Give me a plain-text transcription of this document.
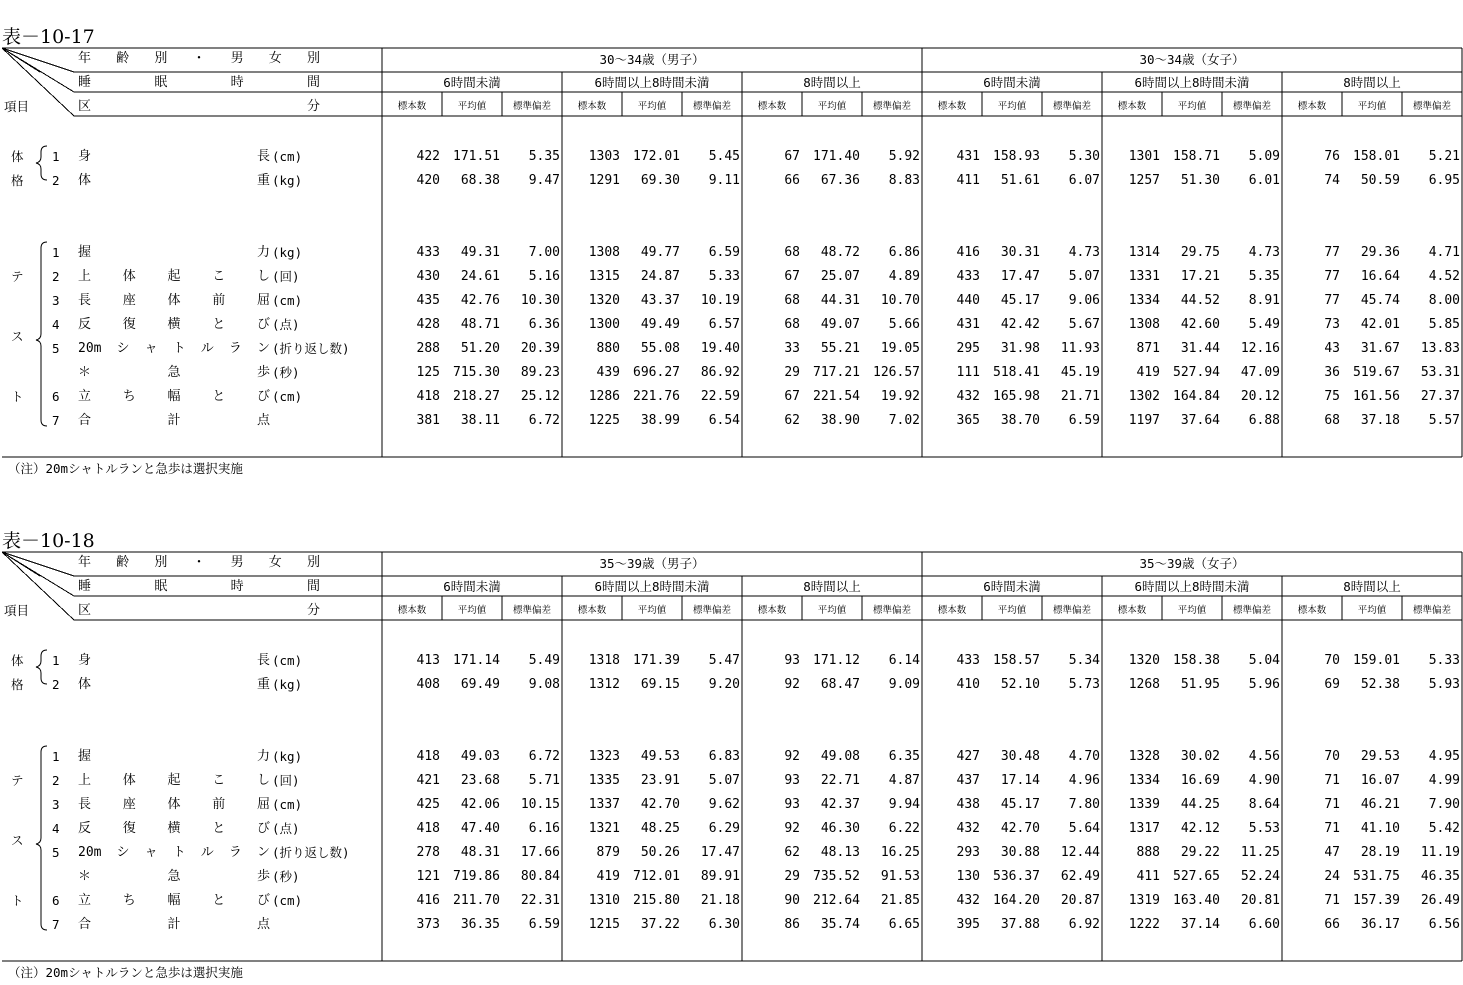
表－10-17
30～34歳（男子）	30～34歳（女子）
6時間未満
標本数	平均値	標準偏差
6時間以上8時間未満
標本数	平均値	標準偏差
8時間以上
標本数	平均値	標準偏差
6時間未満
標本数	平均値	標準偏差
6時間以上8時間未満
標本数	平均値	標準偏差
8時間以上
標本数	平均値	標準偏差
年 齢 別 ・ 男 女 別
睡	眠	時	間
区	分
項目
体
格
テ
ス
ト
1 身	長 (cm)	422	171.51	5.35	1303	172.01	5.45	67	171.40	5.92	431	158.93	5.30	1301	158.71	5.09	76	158.01	5.21
2 体	重 (kg)	420	68.38	9.47	1291	69.30	9.11	66	67.36	8.83	411	51.61	6.07	1257	51.30	6.01	74	50.59	6.95
1 握	力 (kg)	433	49.31	7.00	1308	49.77	6.59	68	48.72	6.86	416	30.31	4.73	1314	29.75	4.73	77	29.36	4.71
2 上 体 起 こ し (回)	430	24.61	5.16	1315	24.87	5.33	67	25.07	4.89	433	17.47	5.07	1331	17.21	5.35	77	16.64	4.52
3 長 座 体 前 屈 (cm)	435	42.76	10.30	1320	43.37	10.19	68	44.31	10.70	440	45.17	9.06	1334	44.52	8.91	77	45.74	8.00
4 反 復 横 と び (点)	428	48.71	6.36	1300	49.49	6.57	68	49.07	5.66	431	42.42	5.67	1308	42.60	5.49	73	42.01	5.85
5 20m シ ャ ト ル ラ ン (折り返し数)	288	51.20	20.39	880	55.08	19.40	33	55.21	19.05	295	31.98	11.93	871	31.44	12.16	43	31.67	13.83
＊	急	歩 (秒)	125	715.30	89.23	439	696.27	86.92	29	717.21	126.57	111	518.41	45.19	419	527.94	47.09	36	519.67	53.31
6 立 ち 幅 と び (cm)	418	218.27	25.12	1286	221.76	22.59	67	221.54	19.92	432	165.98	21.71	1302	164.84	20.12	75	161.56	27.37
7 合	計	点	381	38.11	6.72	1225	38.99	6.54	62	38.90	7.02	365	38.70	6.59	1197	37.64	6.88	68	37.18	5.57
（注）20mシャトルランと急歩は選択実施
表－10-18
35～39歳（男子）	35～39歳（女子）
6時間未満
標本数	平均値	標準偏差
6時間以上8時間未満
標本数	平均値	標準偏差
8時間以上
標本数	平均値	標準偏差
6時間未満
標本数	平均値	標準偏差
6時間以上8時間未満
標本数	平均値	標準偏差
8時間以上
標本数	平均値	標準偏差
年 齢 別 ・ 男 女 別
睡	眠	時	間
区	分
項目
体
格
テ
ス
ト
1 身	長 (cm)	413	171.14	5.49	1318	171.39	5.47	93	171.12	6.14	433	158.57	5.34	1320	158.38	5.04	70	159.01	5.33
2 体	重 (kg)	408	69.49	9.08	1312	69.15	9.20	92	68.47	9.09	410	52.10	5.73	1268	51.95	5.96	69	52.38	5.93
1 握	力 (kg)	418	49.03	6.72	1323	49.53	6.83	92	49.08	6.35	427	30.48	4.70	1328	30.02	4.56	70	29.53	4.95
2 上 体 起 こ し (回)	421	23.68	5.71	1335	23.91	5.07	93	22.71	4.87	437	17.14	4.96	1334	16.69	4.90	71	16.07	4.99
3 長 座 体 前 屈 (cm)	425	42.06	10.15	1337	42.70	9.62	93	42.37	9.94	438	45.17	7.80	1339	44.25	8.64	71	46.21	7.90
4 反 復 横 と び (点)	418	47.40	6.16	1321	48.25	6.29	92	46.30	6.22	432	42.70	5.64	1317	42.12	5.53	71	41.10	5.42
5 20m シ ャ ト ル ラ ン (折り返し数)	278	48.31	17.66	879	50.26	17.47	62	48.13	16.25	293	30.88	12.44	888	29.22	11.25	47	28.19	11.19
＊	急	歩 (秒)	121	719.86	80.84	419	712.01	89.91	29	735.52	91.53	130	536.37	62.49	411	527.65	52.24	24	531.75	46.35
6 立 ち 幅 と び (cm)	416	211.70	22.31	1310	215.80	21.18	90	212.64	21.85	432	164.20	20.87	1319	163.40	20.81	71	157.39	26.49
7 合	計	点	373	36.35	6.59	1215	37.22	6.30	86	35.74	6.65	395	37.88	6.92	1222	37.14	6.60	66	36.17	6.56
（注）20mシャトルランと急歩は選択実施
